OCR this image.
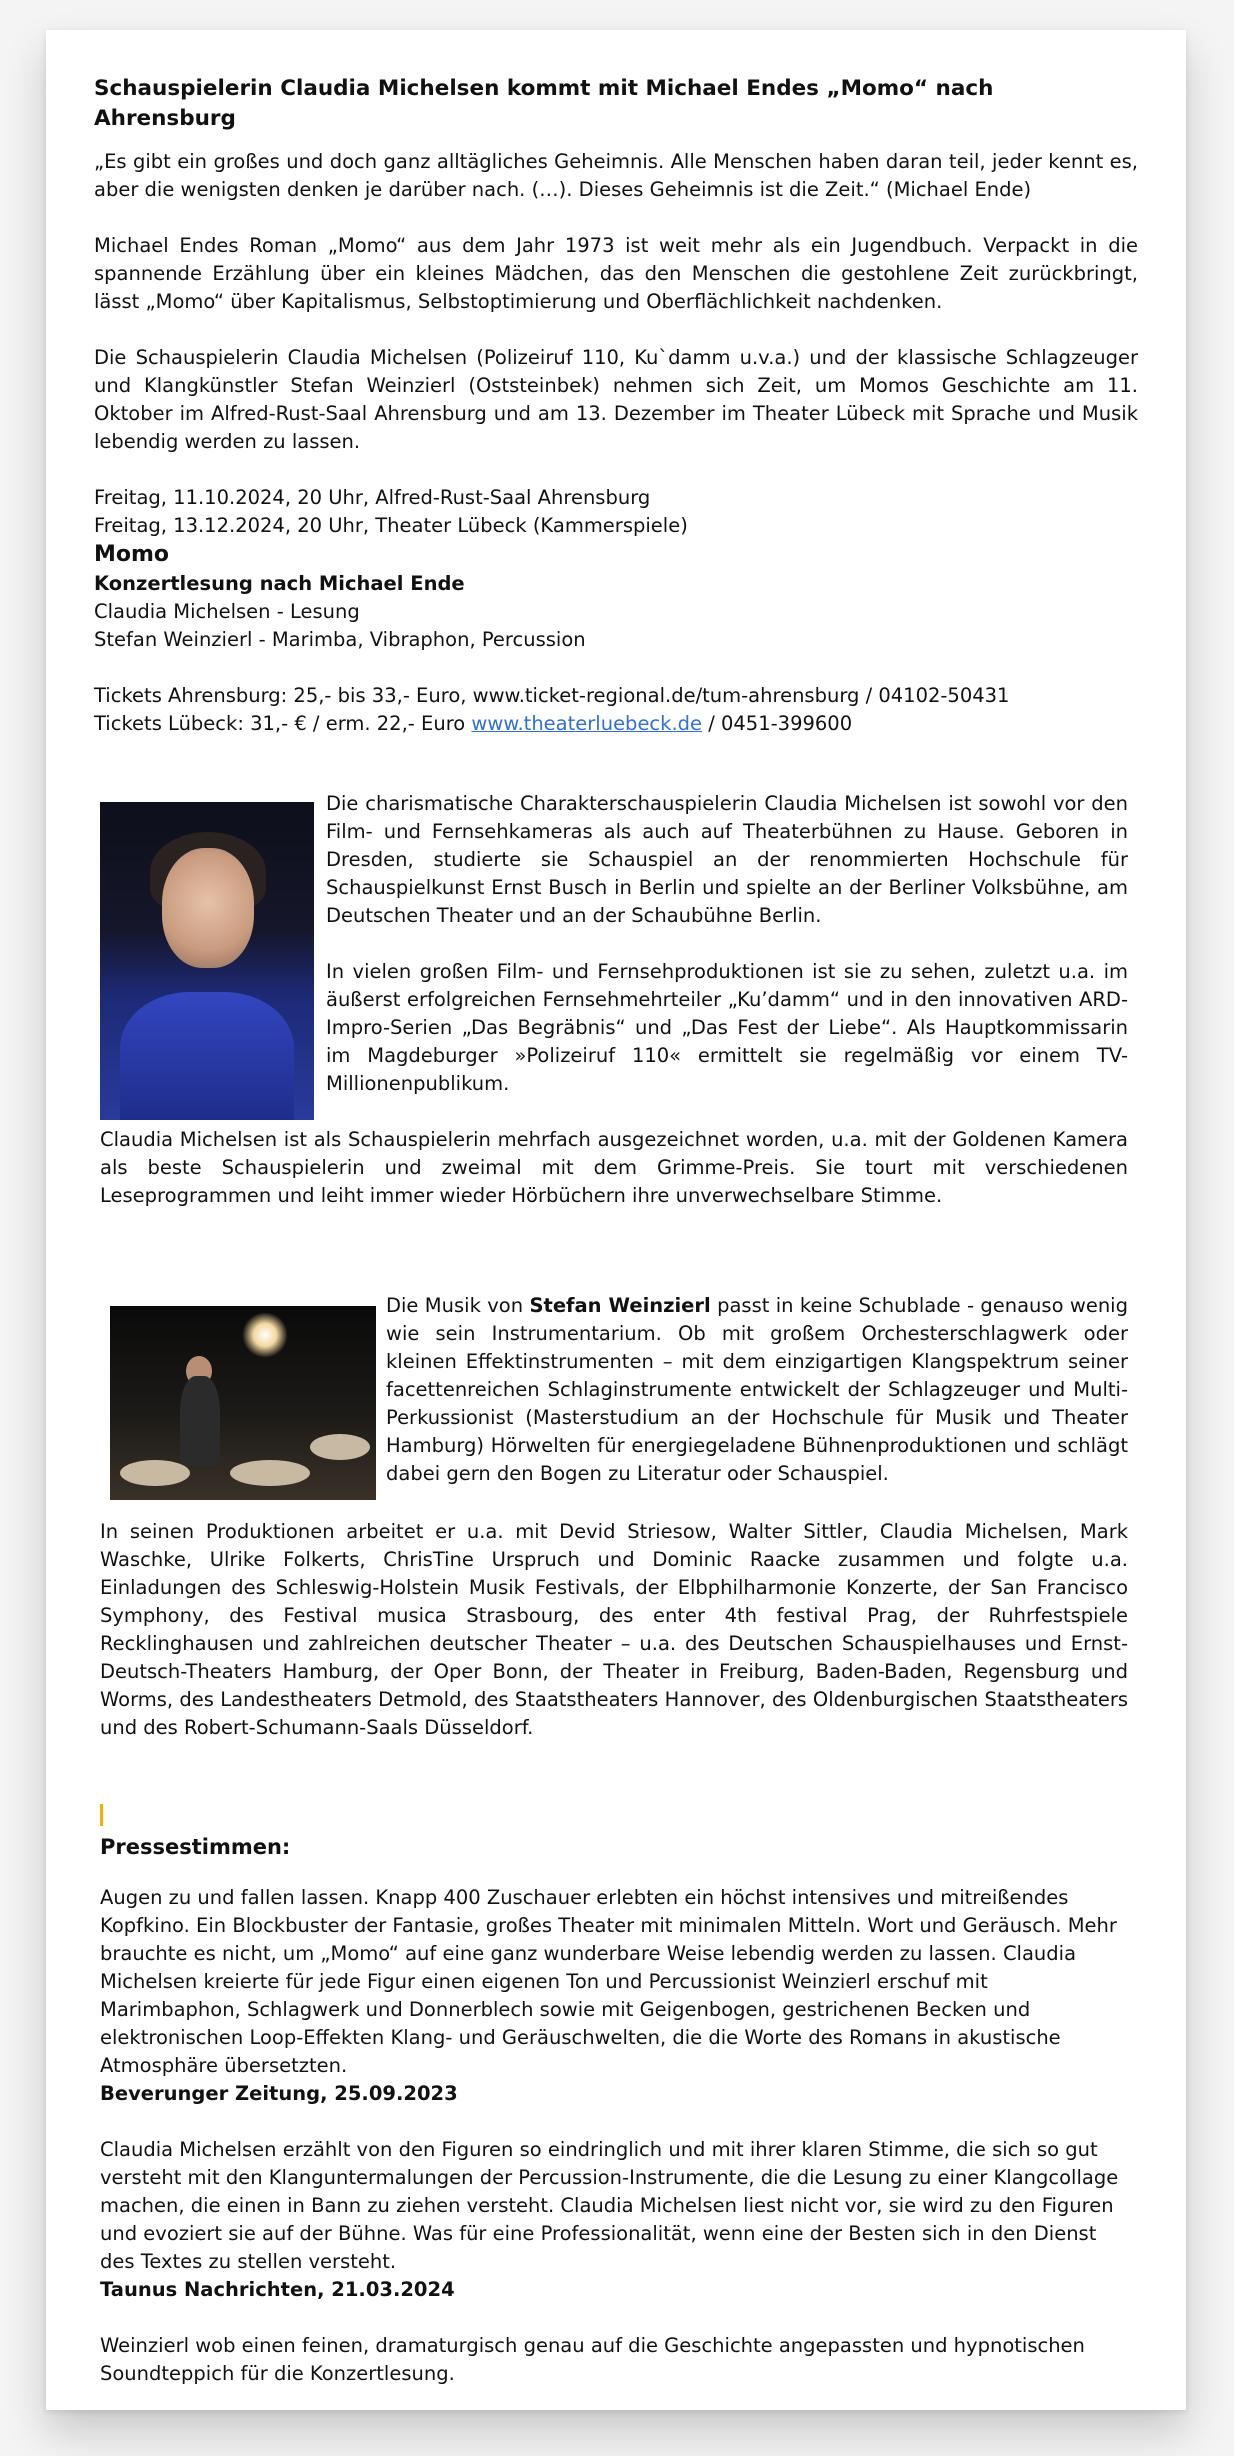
Schauspielerin Claudia Michelsen kommt mit Michael Endes „Momo“ nach Ahrensburg

„Es gibt ein großes und doch ganz alltägliches Geheimnis. Alle Menschen haben daran teil, jeder kennt es, aber die wenigsten denken je darüber nach. (…). Dieses Geheimnis ist die Zeit.“ (Michael Ende)

Michael Endes Roman „Momo“ aus dem Jahr 1973 ist weit mehr als ein Jugendbuch. Verpackt in die spannende Erzählung über ein kleines Mädchen, das den Menschen die gestohlene Zeit zurückbringt, lässt „Momo“ über Kapitalismus, Selbstoptimierung und Oberflächlichkeit nachdenken.

Die Schauspielerin Claudia Michelsen (Polizeiruf 110, Ku`damm u.v.a.) und der klassische Schlagzeuger und Klangkünstler Stefan Weinzierl (Oststeinbek) nehmen sich Zeit, um Momos Geschichte am 11. Oktober im Alfred-Rust-Saal Ahrensburg und am 13. Dezember im Theater Lübeck mit Sprache und Musik lebendig werden zu lassen.

Freitag, 11.10.2024, 20 Uhr, Alfred-Rust-Saal Ahrensburg

Freitag, 13.12.2024, 20 Uhr, Theater Lübeck (Kammerspiele)

Momo

Konzertlesung nach Michael Ende

Claudia Michelsen - Lesung

Stefan Weinzierl - Marimba, Vibraphon, Percussion

Tickets Ahrensburg: 25,- bis 33,- Euro, www.ticket-regional.de/tum-ahrensburg / 04102-50431

Tickets Lübeck: 31,- € / erm. 22,- Euro www.theaterluebeck.de / 0451-399600

Die charismatische Charakterschauspielerin Claudia Michelsen ist sowohl vor den Film- und Fernsehkameras als auch auf Theaterbühnen zu Hause. Geboren in Dresden, studierte sie Schauspiel an der renommierten Hochschule für Schauspielkunst Ernst Busch in Berlin und spielte an der Berliner Volksbühne, am Deutschen Theater und an der Schaubühne Berlin.

In vielen großen Film- und Fernsehproduktionen ist sie zu sehen, zuletzt u.a. im äußerst erfolgreichen Fernsehmehrteiler „Ku’damm“ und in den innovativen ARD-Impro-Serien „Das Begräbnis“ und „Das Fest der Liebe“. Als Hauptkommissarin im Magdeburger »Polizeiruf 110« ermittelt sie regelmäßig vor einem TV-Millionenpublikum.

Claudia Michelsen ist als Schauspielerin mehrfach ausgezeichnet worden, u.a. mit der Goldenen Kamera als beste Schauspielerin und zweimal mit dem Grimme-Preis. Sie tourt mit verschiedenen Leseprogrammen und leiht immer wieder Hörbüchern ihre unverwechselbare Stimme.

Die Musik von Stefan Weinzierl passt in keine Schublade - genauso wenig wie sein Instrumentarium. Ob mit großem Orchesterschlagwerk oder kleinen Effektinstrumenten – mit dem einzigartigen Klangspektrum seiner facettenreichen Schlaginstrumente entwickelt der Schlagzeuger und Multi-Perkussionist (Masterstudium an der Hochschule für Musik und Theater Hamburg) Hörwelten für energiegeladene Bühnenproduktionen und schlägt dabei gern den Bogen zu Literatur oder Schauspiel.

In seinen Produktionen arbeitet er u.a. mit Devid Striesow, Walter Sittler, Claudia Michelsen, Mark Waschke, Ulrike Folkerts, ChrisTine Urspruch und Dominic Raacke zusammen und folgte u.a. Einladungen des Schleswig-Holstein Musik Festivals, der Elbphilharmonie Konzerte, der San Francisco Symphony, des Festival musica Strasbourg, des enter 4th festival Prag, der Ruhrfestspiele Recklinghausen und zahlreichen deutscher Theater – u.a. des Deutschen Schauspielhauses und Ernst-Deutsch-Theaters Hamburg, der Oper Bonn, der Theater in Freiburg, Baden-Baden, Regensburg und Worms, des Landestheaters Detmold, des Staatstheaters Hannover, des Oldenburgischen Staatstheaters und des Robert-Schumann-Saals Düsseldorf.

Pressestimmen:

Augen zu und fallen lassen. Knapp 400 Zuschauer erlebten ein höchst intensives und mitreißendes Kopfkino. Ein Blockbuster der Fantasie, großes Theater mit minimalen Mitteln. Wort und Geräusch. Mehr brauchte es nicht, um „Momo“ auf eine ganz wunderbare Weise lebendig werden zu lassen. Claudia Michelsen kreierte für jede Figur einen eigenen Ton und Percussionist Weinzierl erschuf mit Marimbaphon, Schlagwerk und Donnerblech sowie mit Geigenbogen, gestrichenen Becken und elektronischen Loop-Effekten Klang- und Geräuschwelten, die die Worte des Romans in akustische Atmosphäre übersetzten.

Beverunger Zeitung, 25.09.2023

Claudia Michelsen erzählt von den Figuren so eindringlich und mit ihrer klaren Stimme, die sich so gut versteht mit den Klanguntermalungen der Percussion-Instrumente, die die Lesung zu einer Klangcollage machen, die einen in Bann zu ziehen versteht. Claudia Michelsen liest nicht vor, sie wird zu den Figuren und evoziert sie auf der Bühne. Was für eine Professionalität, wenn eine der Besten sich in den Dienst des Textes zu stellen versteht.

Taunus Nachrichten, 21.03.2024

Weinzierl wob einen feinen, dramaturgisch genau auf die Geschichte angepassten und hypnotischen Soundteppich für die Konzertlesung.
